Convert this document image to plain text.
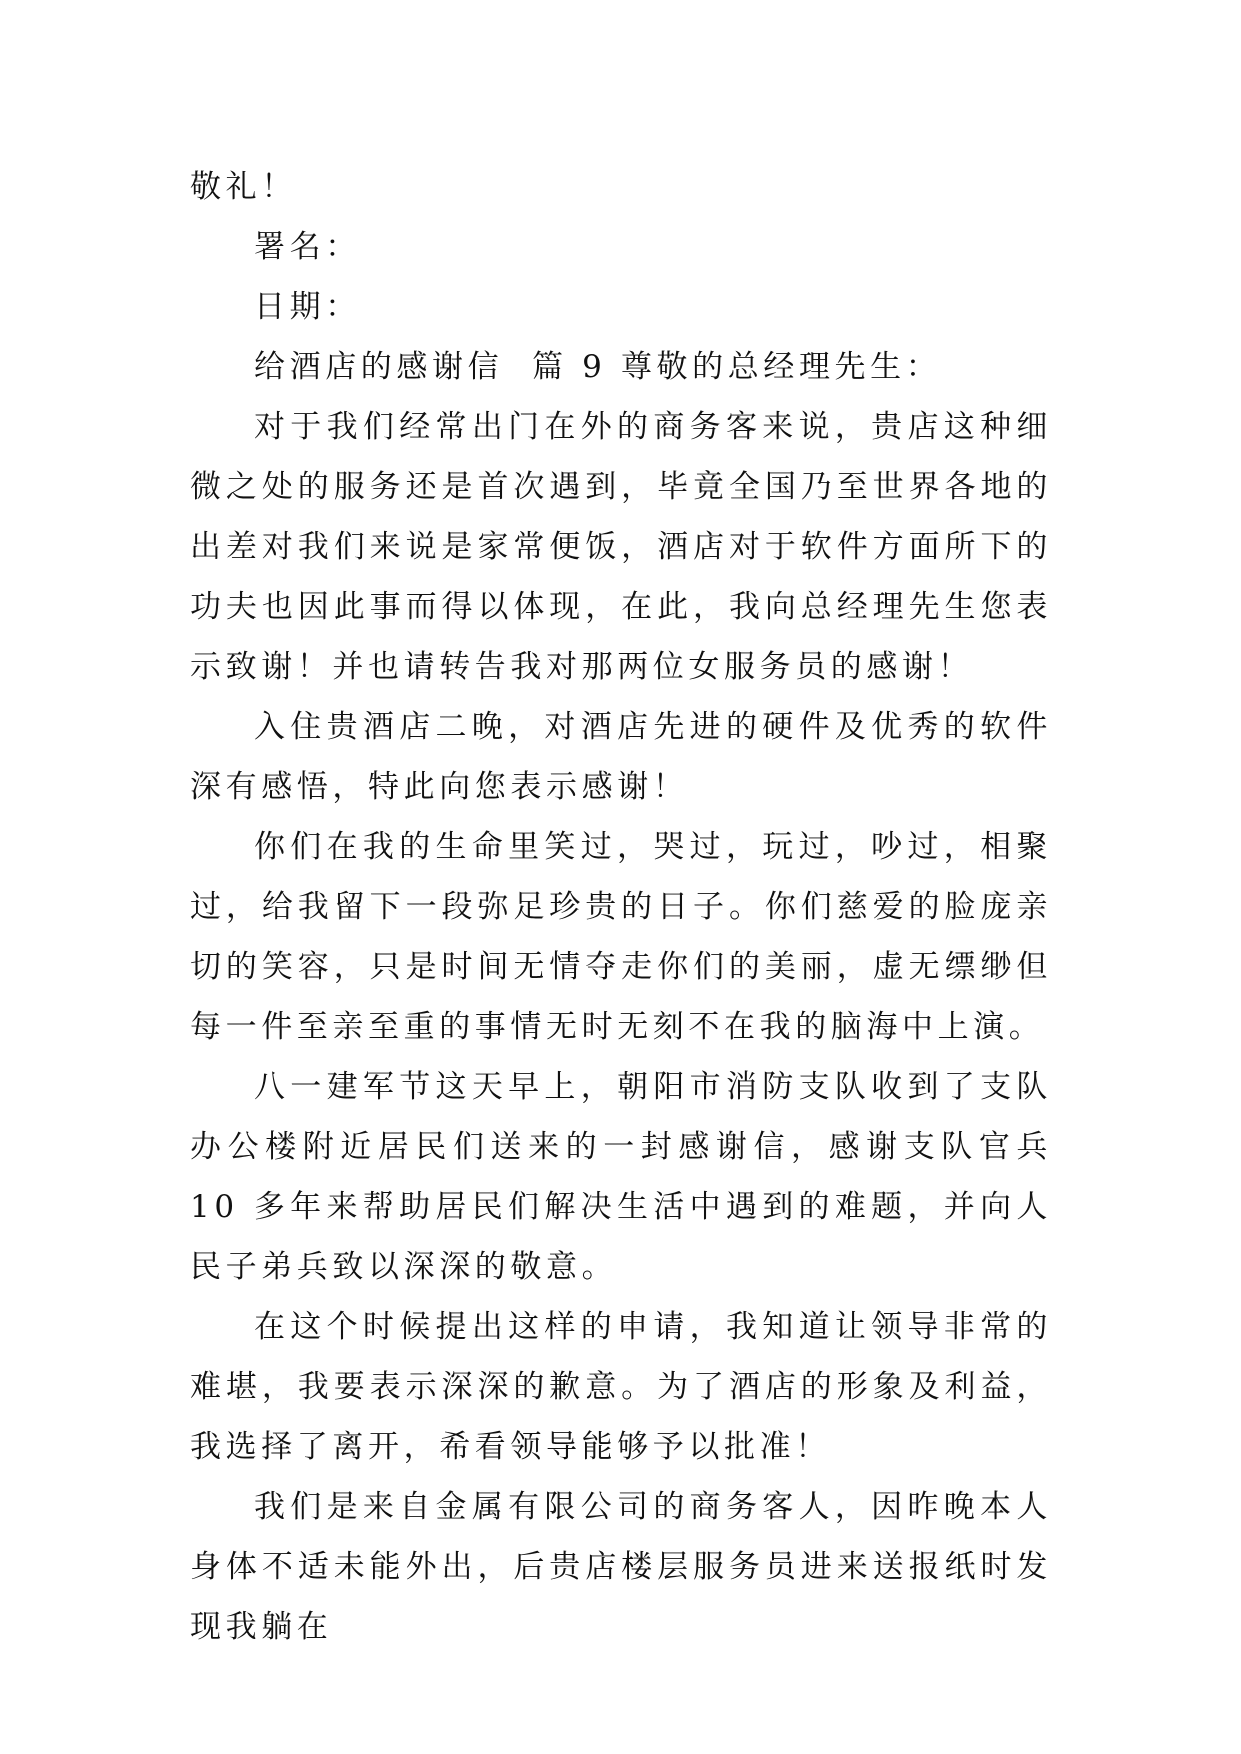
敬礼！

署名：

日期：

给酒店的感谢信  篇 9 尊敬的总经理先生：

对于我们经常出门在外的商务客来说，贵店这种细微之处的服务还是首次遇到，毕竟全国乃至世界各地的出差对我们来说是家常便饭，酒店对于软件方面所下的功夫也因此事而得以体现，在此，我向总经理先生您表示致谢！并也请转告我对那两位女服务员的感谢！

入住贵酒店二晚，对酒店先进的硬件及优秀的软件深有感悟，特此向您表示感谢！

你们在我的生命里笑过，哭过，玩过，吵过，相聚过，给我留下一段弥足珍贵的日子。你们慈爱的脸庞亲切的笑容，只是时间无情夺走你们的美丽，虚无缥缈但每一件至亲至重的事情无时无刻不在我的脑海中上演。

八一建军节这天早上，朝阳市消防支队收到了支队办公楼附近居民们送来的一封感谢信，感谢支队官兵 10 多年来帮助居民们解决生活中遇到的难题，并向人民子弟兵致以深深的敬意。

在这个时候提出这样的申请，我知道让领导非常的难堪，我要表示深深的歉意。为了酒店的形象及利益，我选择了离开，希看领导能够予以批准！

我们是来自金属有限公司的商务客人，因昨晚本人身体不适未能外出，后贵店楼层服务员进来送报纸时发现我躺在
